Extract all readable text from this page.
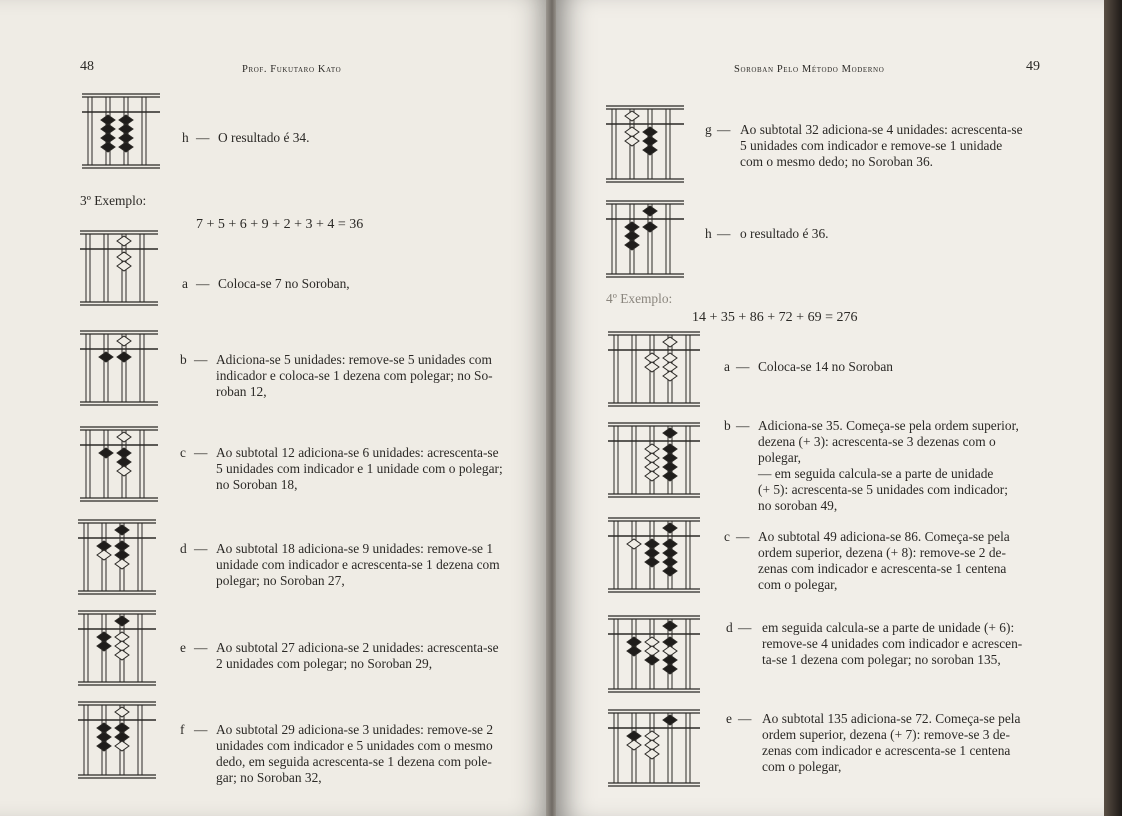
48	Prof. Fukutaro Kato
h — O resultado é 34.
3º Exemplo:
7 + 5 + 6 + 9 + 2 + 3 + 4 = 36
a — Coloca-se 7 no Soroban,
b — Adiciona-se 5 unidades: remove-se 5 unidades com
indicador e coloca-se 1 dezena com polegar; no So-
roban 12,
c — Ao subtotal 12 adiciona-se 6 unidades: acrescenta-se
5 unidades com indicador e 1 unidade com o polegar;
no Soroban 18,
d — Ao subtotal 18 adiciona-se 9 unidades: remove-se 1
unidade com indicador e acrescenta-se 1 dezena com
polegar; no Soroban 27,
e — Ao subtotal 27 adiciona-se 2 unidades: acrescenta-se
2 unidades com polegar; no Soroban 29,
f — Ao subtotal 29 adiciona-se 3 unidades: remove-se 2
unidades com indicador e 5 unidades com o mesmo
dedo, em seguida acrescenta-se 1 dezena com pole-
gar; no Soroban 32,
Soroban Pelo Método Moderno	49
g — Ao subtotal 32 adiciona-se 4 unidades: acrescenta-se
5 unidades com indicador e remove-se 1 unidade
com o mesmo dedo; no Soroban 36.
h — o resultado é 36.
4º Exemplo:
14 + 35 + 86 + 72 + 69 = 276
a — Coloca-se 14 no Soroban
b — Adiciona-se 35. Começa-se pela ordem superior,
dezena (+ 3): acrescenta-se 3 dezenas com o
polegar,
— em seguida calcula-se a parte de unidade
(+ 5): acrescenta-se 5 unidades com indicador;
no soroban 49,
c — Ao subtotal 49 adiciona-se 86. Começa-se pela
ordem superior, dezena (+ 8): remove-se 2 de-
zenas com indicador e acrescenta-se 1 centena
com o polegar,
d — em seguida calcula-se a parte de unidade (+ 6):
remove-se 4 unidades com indicador e acrescen-
ta-se 1 dezena com polegar; no soroban 135,
e — Ao subtotal 135 adiciona-se 72. Começa-se pela
ordem superior, dezena (+ 7): remove-se 3 de-
zenas com indicador e acrescenta-se 1 centena
com o polegar,
